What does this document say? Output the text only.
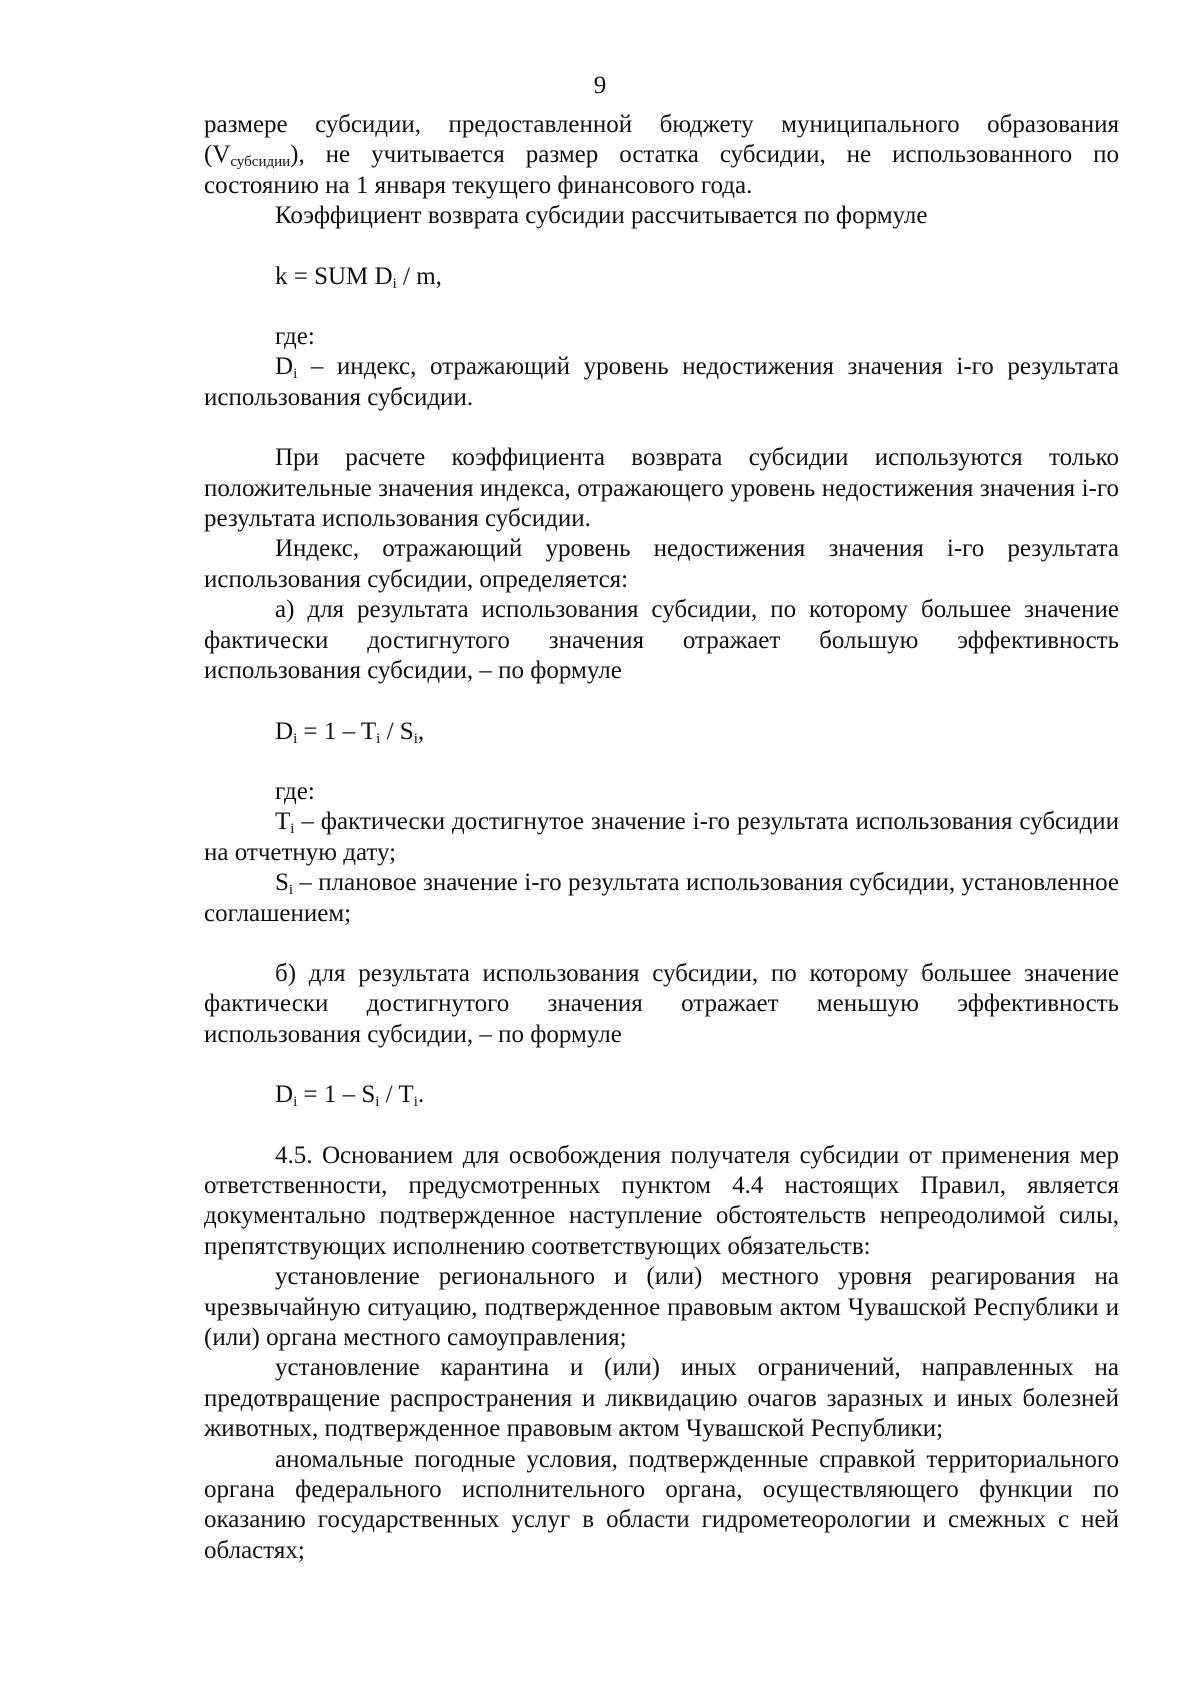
9

размере субсидии, предоставленной бюджету муниципального образования $(V_{субсидии})$, не учитывается размер остатка субсидии, не использованного по состоянию на 1 января текущего финансового года.

Коэффициент возврата субсидии рассчитывается по формуле

k = SUM $D_i$ / m,

где:

$D_i$ – индекс, отражающий уровень недостижения значения i-го результата использования субсидии.

При расчете коэффициента возврата субсидии используются только положительные значения индекса, отражающего уровень недостижения значения i-го результата использования субсидии.

Индекс, отражающий уровень недостижения значения i-го результата использования субсидии, определяется:

а) для результата использования субсидии, по которому большее значение фактически достигнутого значения отражает большую эффективность использования субсидии, – по формуле

$D_i = 1 - T_i / S_i$,

где:

$T_i$ – фактически достигнутое значение i-го результата использования субсидии на отчетную дату;

$S_i$ – плановое значение i-го результата использования субсидии, установленное соглашением;

б) для результата использования субсидии, по которому большее значение фактически достигнутого значения отражает меньшую эффективность использования субсидии, – по формуле

$D_i = 1 - S_i / T_i$.

4.5. Основанием для освобождения получателя субсидии от применения мер ответственности, предусмотренных пунктом 4.4 настоящих Правил, является документально подтвержденное наступление обстоятельств непреодолимой силы, препятствующих исполнению соответствующих обязательств:

установление регионального и (или) местного уровня реагирования на чрезвычайную ситуацию, подтвержденное правовым актом Чувашской Республики и (или) органа местного самоуправления;

установление карантина и (или) иных ограничений, направленных на предотвращение распространения и ликвидацию очагов заразных и иных болезней животных, подтвержденное правовым актом Чувашской Республики;

аномальные погодные условия, подтвержденные справкой территориального органа федерального исполнительного органа, осуществляющего функции по оказанию государственных услуг в области гидрометеорологии и смежных с ней областях;
